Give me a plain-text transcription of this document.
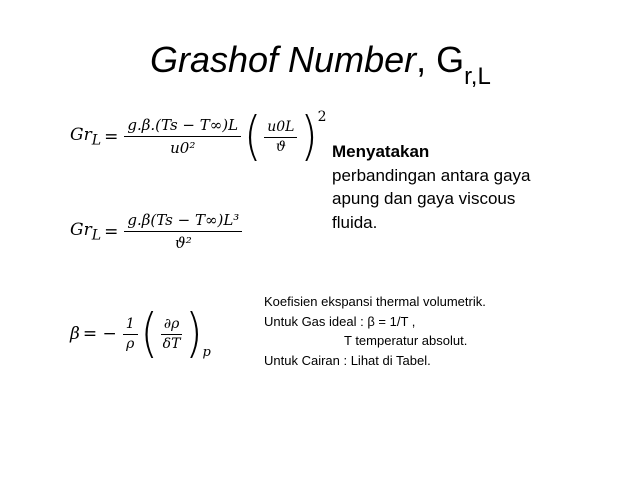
Grashof Number, $G_{r,L}$
$Gr_L = \frac{g.\beta.(Ts - T\infty)L}{\text{u0²}}$ ( $\frac{u0L}{ϑ}$ ) 2
$Gr_L = \frac{\text{g.β(Ts − T∞)L³}}{\text{ϑ²}}$
β = − $\frac{1}{\rho}$ ( $\frac{\partial\rho}{\delta T}$ ) p
Menyatakan
perbandingan antara gaya
apung dan gaya viscous
fluida.
Koefisien ekspansi thermal volumetrik.
Untuk Gas ideal : β = 1/T ,
T temperatur absolut.
Untuk Cairan : Lihat di Tabel.
